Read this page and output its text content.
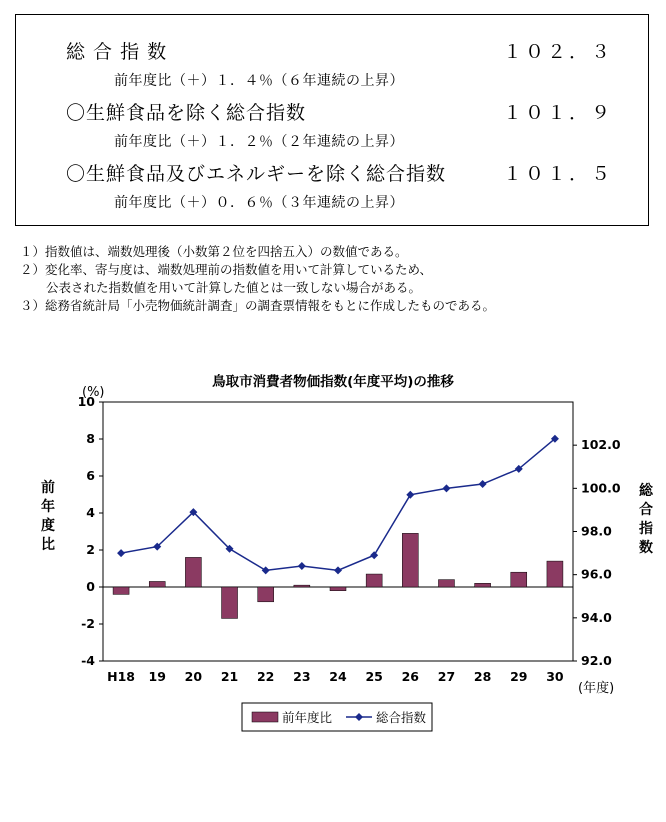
総 合 指 数	１０２．３
前年度比（＋）１．４％（６年連続の上昇）
〇生鮮食品を除く総合指数	１０１．９
前年度比（＋）１．２％（２年連続の上昇）
〇生鮮食品及びエネルギーを除く総合指数	１０１．５
前年度比（＋）０．６％（３年連続の上昇）
１）指数値は、端数処理後（小数第２位を四捨五入）の数値である。
２）変化率、寄与度は、端数処理前の指数値を用いて計算しているため、
公表された指数値を用いて計算した値とは一致しない場合がある。
３）総務省統計局「小売物価統計調査」の調査票情報をもとに作成したものである。
鳥取市消費者物価指数(年度平均)の推移
(%)
(年度)
-4
-2
0
2
4
6
8
10
92.0
94.0
96.0
98.0
100.0
102.0
H18 19 20 21 22 23 24 25 26 27 28 29 30
前
年
度
比
総
合
指
数
前年度比	総合指数
